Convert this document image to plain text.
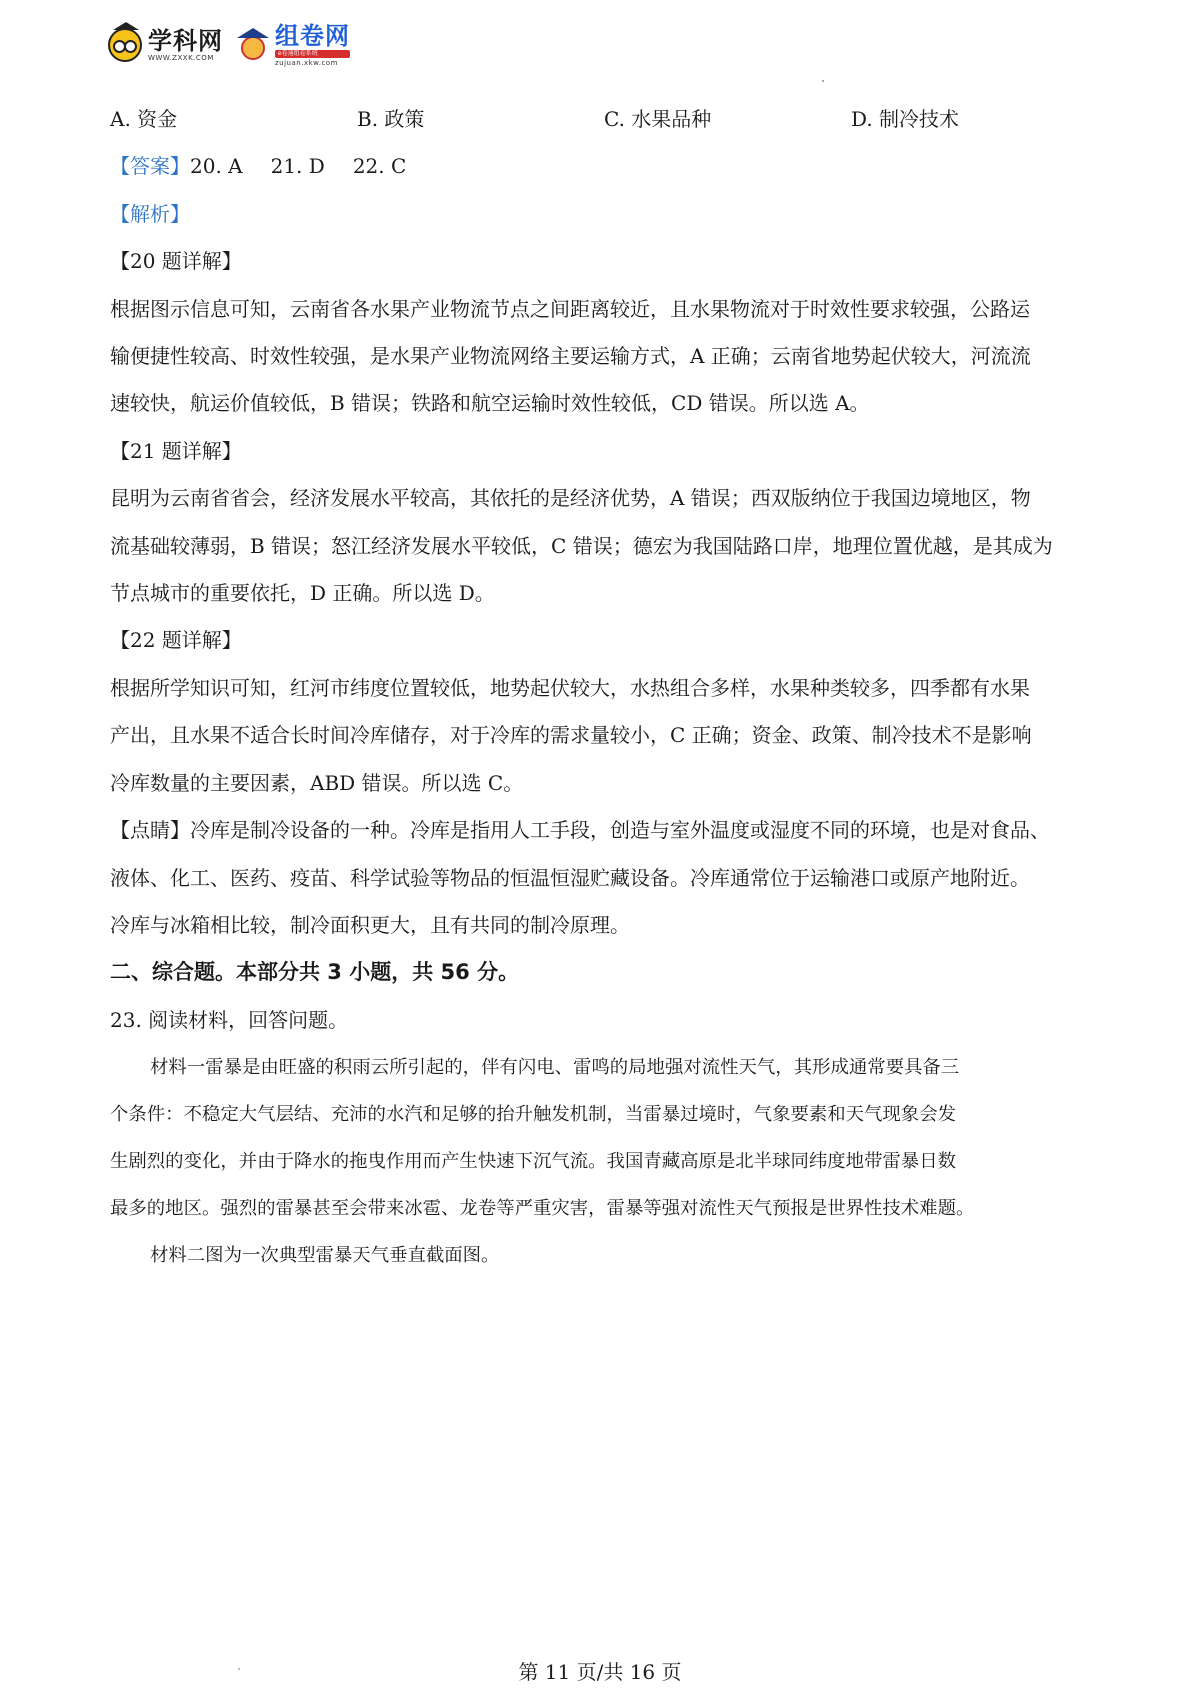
学科网
WWW.ZXXK.COM
组卷网
e卷通组卷系统
zujuan.xkw.com

A. 资金	B. 政策	C. 水果品种	D. 制冷技术

【答案】20. A 21. D 22. C

【解析】

【20 题详解】

根据图示信息可知，云南省各水果产业物流节点之间距离较近，且水果物流对于时效性要求较强，公路运

输便捷性较高、时效性较强，是水果产业物流网络主要运输方式，A 正确；云南省地势起伏较大，河流流

速较快，航运价值较低，B 错误；铁路和航空运输时效性较低，CD 错误。所以选 A。

【21 题详解】

昆明为云南省省会，经济发展水平较高，其依托的是经济优势，A 错误；西双版纳位于我国边境地区，物

流基础较薄弱，B 错误；怒江经济发展水平较低，C 错误；德宏为我国陆路口岸，地理位置优越，是其成为

节点城市的重要依托，D 正确。所以选 D。

【22 题详解】

根据所学知识可知，红河市纬度位置较低，地势起伏较大，水热组合多样，水果种类较多，四季都有水果

产出，且水果不适合长时间冷库储存，对于冷库的需求量较小，C 正确；资金、政策、制冷技术不是影响

冷库数量的主要因素，ABD 错误。所以选 C。

【点睛】冷库是制冷设备的一种。冷库是指用人工手段，创造与室外温度或湿度不同的环境，也是对食品、

液体、化工、医药、疫苗、科学试验等物品的恒温恒湿贮藏设备。冷库通常位于运输港口或原产地附近。

冷库与冰箱相比较，制冷面积更大，且有共同的制冷原理。

二、综合题。本部分共 3 小题，共 56 分。

23. 阅读材料，回答问题。

材料一雷暴是由旺盛的积雨云所引起的，伴有闪电、雷鸣的局地强对流性天气，其形成通常要具备三

个条件：不稳定大气层结、充沛的水汽和足够的抬升触发机制，当雷暴过境时，气象要素和天气现象会发

生剧烈的变化，并由于降水的拖曳作用而产生快速下沉气流。我国青藏高原是北半球同纬度地带雷暴日数

最多的地区。强烈的雷暴甚至会带来冰雹、龙卷等严重灾害，雷暴等强对流性天气预报是世界性技术难题。

材料二图为一次典型雷暴天气垂直截面图。

第 11 页/共 16 页
